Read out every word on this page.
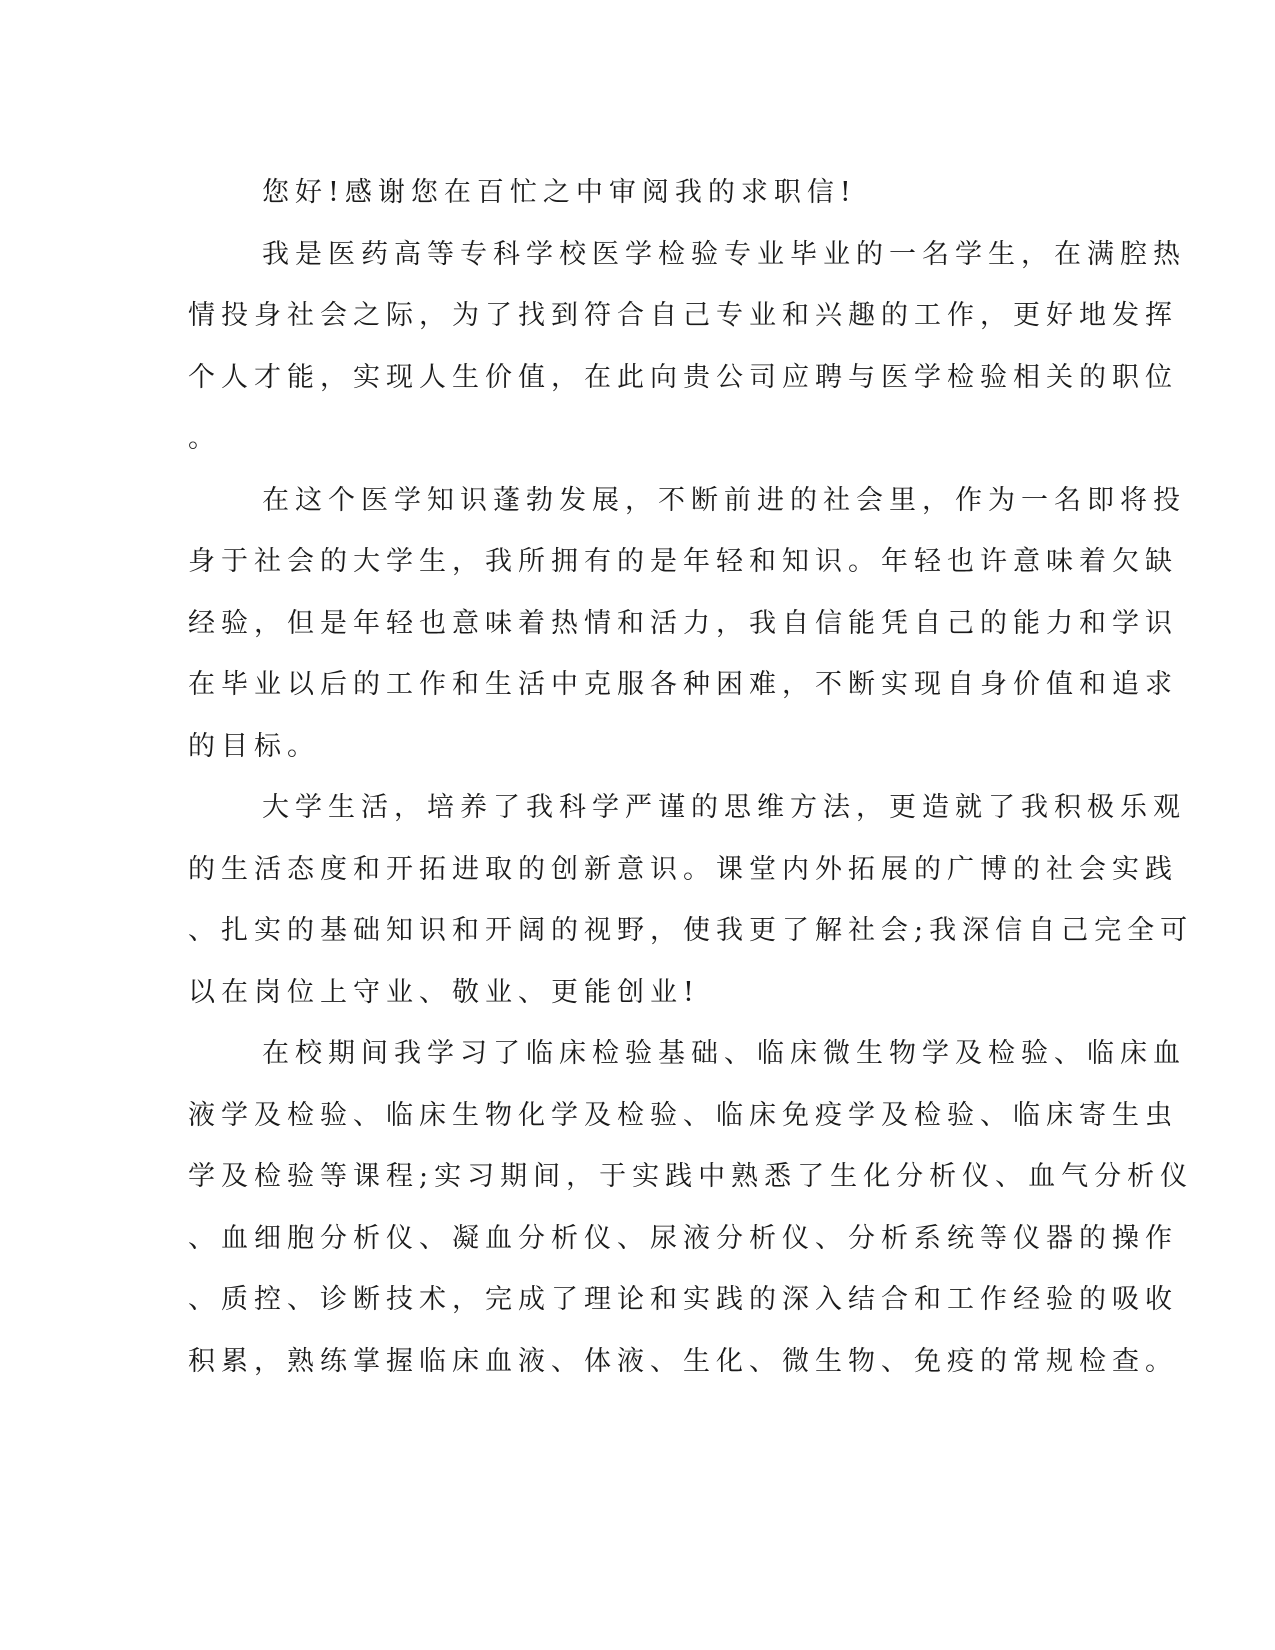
您好!感谢您在百忙之中审阅我的求职信!
我是医药高等专科学校医学检验专业毕业的一名学生，在满腔热
情投身社会之际，为了找到符合自己专业和兴趣的工作，更好地发挥
个人才能，实现人生价值，在此向贵公司应聘与医学检验相关的职位
。
在这个医学知识蓬勃发展，不断前进的社会里，作为一名即将投
身于社会的大学生，我所拥有的是年轻和知识。年轻也许意味着欠缺
经验，但是年轻也意味着热情和活力，我自信能凭自己的能力和学识
在毕业以后的工作和生活中克服各种困难，不断实现自身价值和追求
的目标。
大学生活，培养了我科学严谨的思维方法，更造就了我积极乐观
的生活态度和开拓进取的创新意识。课堂内外拓展的广博的社会实践
、扎实的基础知识和开阔的视野，使我更了解社会;我深信自己完全可
以在岗位上守业、敬业、更能创业!
在校期间我学习了临床检验基础、临床微生物学及检验、临床血
液学及检验、临床生物化学及检验、临床免疫学及检验、临床寄生虫
学及检验等课程;实习期间，于实践中熟悉了生化分析仪、血气分析仪
、血细胞分析仪、凝血分析仪、尿液分析仪、分析系统等仪器的操作
、质控、诊断技术，完成了理论和实践的深入结合和工作经验的吸收
积累，熟练掌握临床血液、体液、生化、微生物、免疫的常规检查。
